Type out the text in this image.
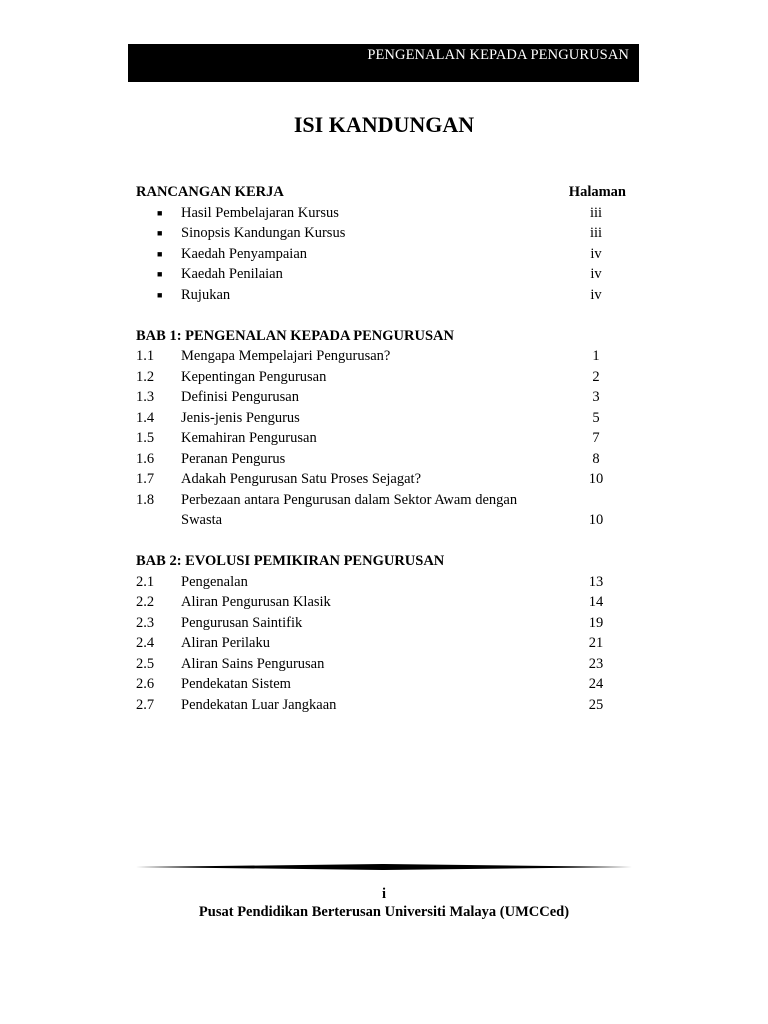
PENGENALAN KEPADA PENGURUSAN
ISI KANDUNGAN
RANCANGAN KERJA	Halaman
■ Hasil Pembelajaran Kursus	iii
■ Sinopsis Kandungan Kursus	iii
■ Kaedah Penyampaian	iv
■ Kaedah Penilaian	iv
■ Rujukan	iv
BAB 1: PENGENALAN KEPADA PENGURUSAN
1.1 Mengapa Mempelajari Pengurusan?	1
1.2 Kepentingan Pengurusan	2
1.3 Definisi Pengurusan	3
1.4 Jenis-jenis Pengurus	5
1.5 Kemahiran Pengurusan	7
1.6 Peranan Pengurus	8
1.7 Adakah Pengurusan Satu Proses Sejagat?	10
1.8 Perbezaan antara Pengurusan dalam Sektor Awam dengan
Swasta	10
BAB 2: EVOLUSI PEMIKIRAN PENGURUSAN
2.1 Pengenalan	13
2.2 Aliran Pengurusan Klasik	14
2.3 Pengurusan Saintifik	19
2.4 Aliran Perilaku	21
2.5 Aliran Sains Pengurusan	23
2.6 Pendekatan Sistem	24
2.7 Pendekatan Luar Jangkaan	25
i
Pusat Pendidikan Berterusan Universiti Malaya (UMCCed)
